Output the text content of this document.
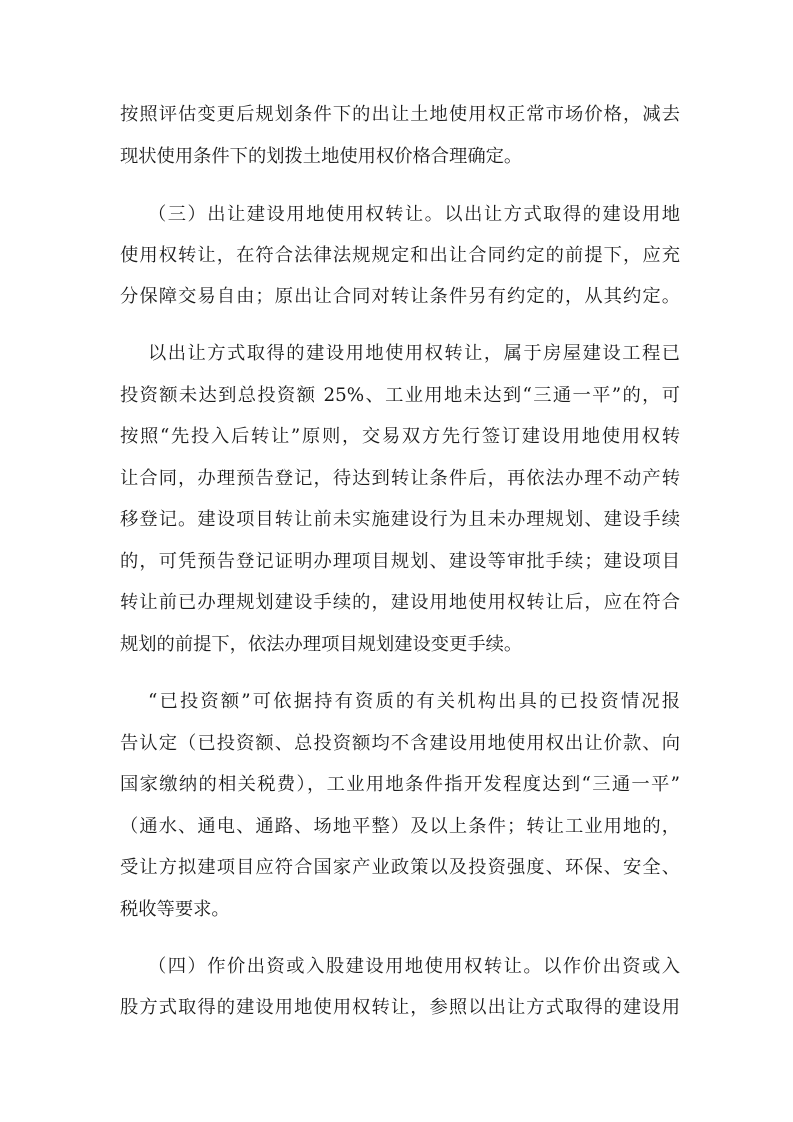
按照评估变更后规划条件下的出让土地使用权正常市场价格，减去
现状使用条件下的划拨土地使用权价格合理确定。
（三）出让建设用地使用权转让。以出让方式取得的建设用地
使用权转让，在符合法律法规规定和出让合同约定的前提下，应充
分保障交易自由；原出让合同对转让条件另有约定的，从其约定。
以出让方式取得的建设用地使用权转让，属于房屋建设工程已
投资额未达到总投资额 25%、工业用地未达到“三通一平”的，可
按照“先投入后转让”原则，交易双方先行签订建设用地使用权转
让合同，办理预告登记，待达到转让条件后，再依法办理不动产转
移登记。建设项目转让前未实施建设行为且未办理规划、建设手续
的，可凭预告登记证明办理项目规划、建设等审批手续；建设项目
转让前已办理规划建设手续的，建设用地使用权转让后，应在符合
规划的前提下，依法办理项目规划建设变更手续。
“已投资额”可依据持有资质的有关机构出具的已投资情况报
告认定（已投资额、总投资额均不含建设用地使用权出让价款、向
国家缴纳的相关税费），工业用地条件指开发程度达到“三通一平”
（通水、通电、通路、场地平整）及以上条件；转让工业用地的，
受让方拟建项目应符合国家产业政策以及投资强度、环保、安全、
税收等要求。
（四）作价出资或入股建设用地使用权转让。以作价出资或入
股方式取得的建设用地使用权转让，参照以出让方式取得的建设用
